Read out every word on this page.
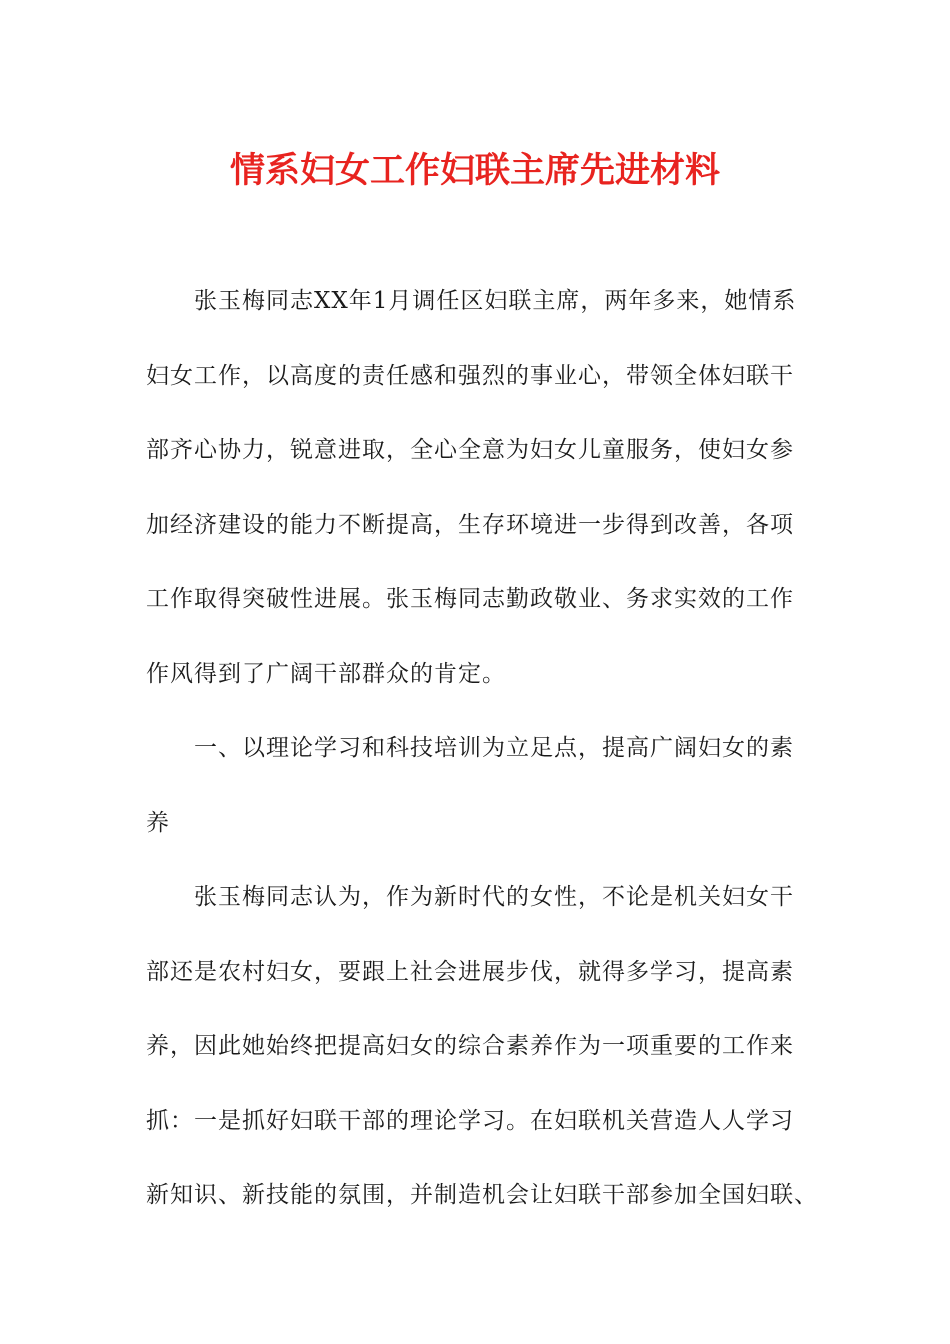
情系妇女工作妇联主席先进材料
张玉梅同志XX年1月调任区妇联主席，两年多来，她情系
妇女工作，以高度的责任感和强烈的事业心，带领全体妇联干
部齐心协力，锐意进取，全心全意为妇女儿童服务，使妇女参
加经济建设的能力不断提高，生存环境进一步得到改善，各项
工作取得突破性进展。张玉梅同志勤政敬业、务求实效的工作
作风得到了广阔干部群众的肯定。
一、以理论学习和科技培训为立足点，提高广阔妇女的素
养
张玉梅同志认为，作为新时代的女性，不论是机关妇女干
部还是农村妇女，要跟上社会进展步伐，就得多学习，提高素
养，因此她始终把提高妇女的综合素养作为一项重要的工作来
抓：一是抓好妇联干部的理论学习。在妇联机关营造人人学习
新知识、新技能的氛围，并制造机会让妇联干部参加全国妇联、
